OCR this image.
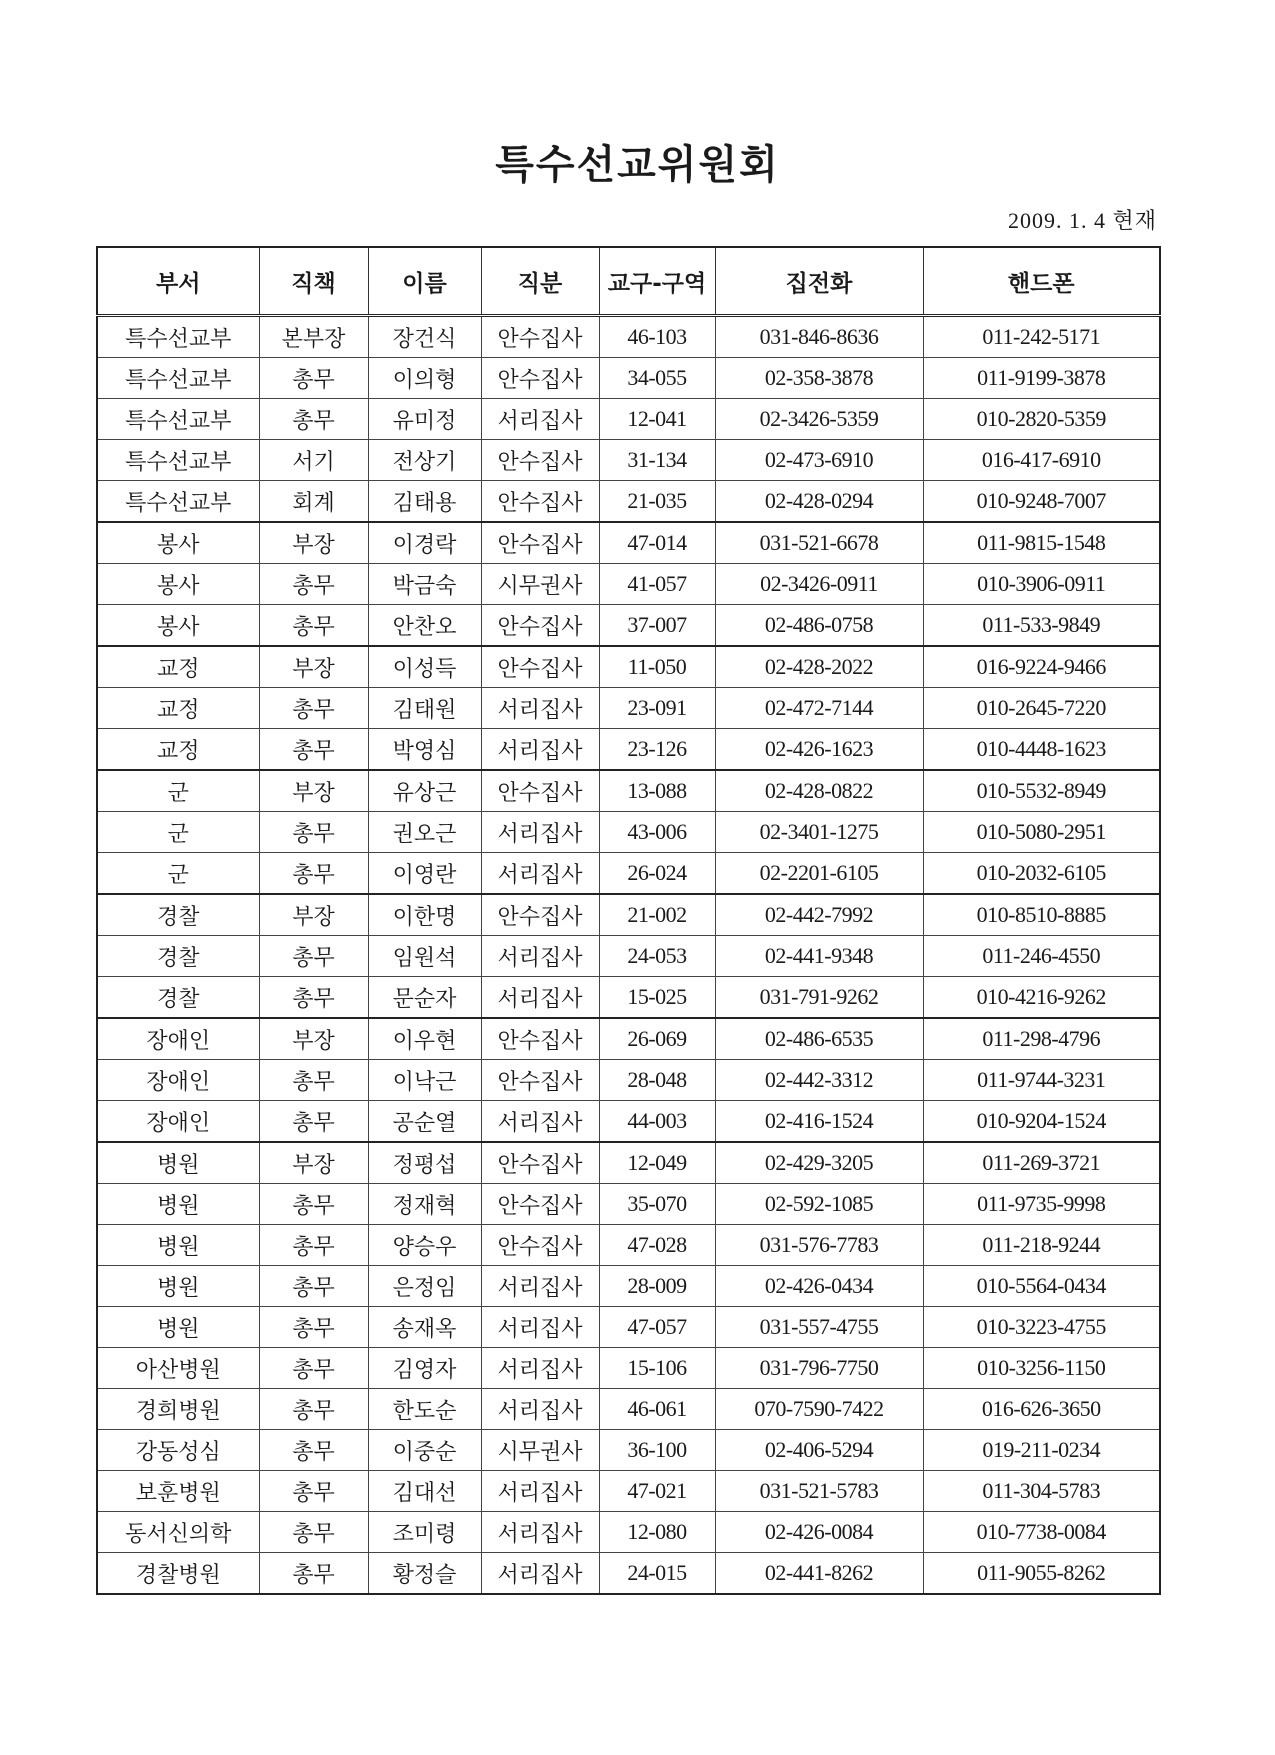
특수선교위원회
2009. 1. 4 현재
부서	직책	이름	직분	교구-구역	집전화	핸드폰
특수선교부	본부장	장건식	안수집사	46-103	031-846-8636	011-242-5171
특수선교부	총무	이의형	안수집사	34-055	02-358-3878	011-9199-3878
특수선교부	총무	유미정	서리집사	12-041	02-3426-5359	010-2820-5359
특수선교부	서기	전상기	안수집사	31-134	02-473-6910	016-417-6910
특수선교부	회계	김태용	안수집사	21-035	02-428-0294	010-9248-7007
봉사	부장	이경락	안수집사	47-014	031-521-6678	011-9815-1548
봉사	총무	박금숙	시무권사	41-057	02-3426-0911	010-3906-0911
봉사	총무	안찬오	안수집사	37-007	02-486-0758	011-533-9849
교정	부장	이성득	안수집사	11-050	02-428-2022	016-9224-9466
교정	총무	김태원	서리집사	23-091	02-472-7144	010-2645-7220
교정	총무	박영심	서리집사	23-126	02-426-1623	010-4448-1623
군	부장	유상근	안수집사	13-088	02-428-0822	010-5532-8949
군	총무	권오근	서리집사	43-006	02-3401-1275	010-5080-2951
군	총무	이영란	서리집사	26-024	02-2201-6105	010-2032-6105
경찰	부장	이한명	안수집사	21-002	02-442-7992	010-8510-8885
경찰	총무	임원석	서리집사	24-053	02-441-9348	011-246-4550
경찰	총무	문순자	서리집사	15-025	031-791-9262	010-4216-9262
장애인	부장	이우현	안수집사	26-069	02-486-6535	011-298-4796
장애인	총무	이낙근	안수집사	28-048	02-442-3312	011-9744-3231
장애인	총무	공순열	서리집사	44-003	02-416-1524	010-9204-1524
병원	부장	정평섭	안수집사	12-049	02-429-3205	011-269-3721
병원	총무	정재혁	안수집사	35-070	02-592-1085	011-9735-9998
병원	총무	양승우	안수집사	47-028	031-576-7783	011-218-9244
병원	총무	은정임	서리집사	28-009	02-426-0434	010-5564-0434
병원	총무	송재옥	서리집사	47-057	031-557-4755	010-3223-4755
아산병원	총무	김영자	서리집사	15-106	031-796-7750	010-3256-1150
경희병원	총무	한도순	서리집사	46-061	070-7590-7422	016-626-3650
강동성심	총무	이중순	시무권사	36-100	02-406-5294	019-211-0234
보훈병원	총무	김대선	서리집사	47-021	031-521-5783	011-304-5783
동서신의학	총무	조미령	서리집사	12-080	02-426-0084	010-7738-0084
경찰병원	총무	황정슬	서리집사	24-015	02-441-8262	011-9055-8262
